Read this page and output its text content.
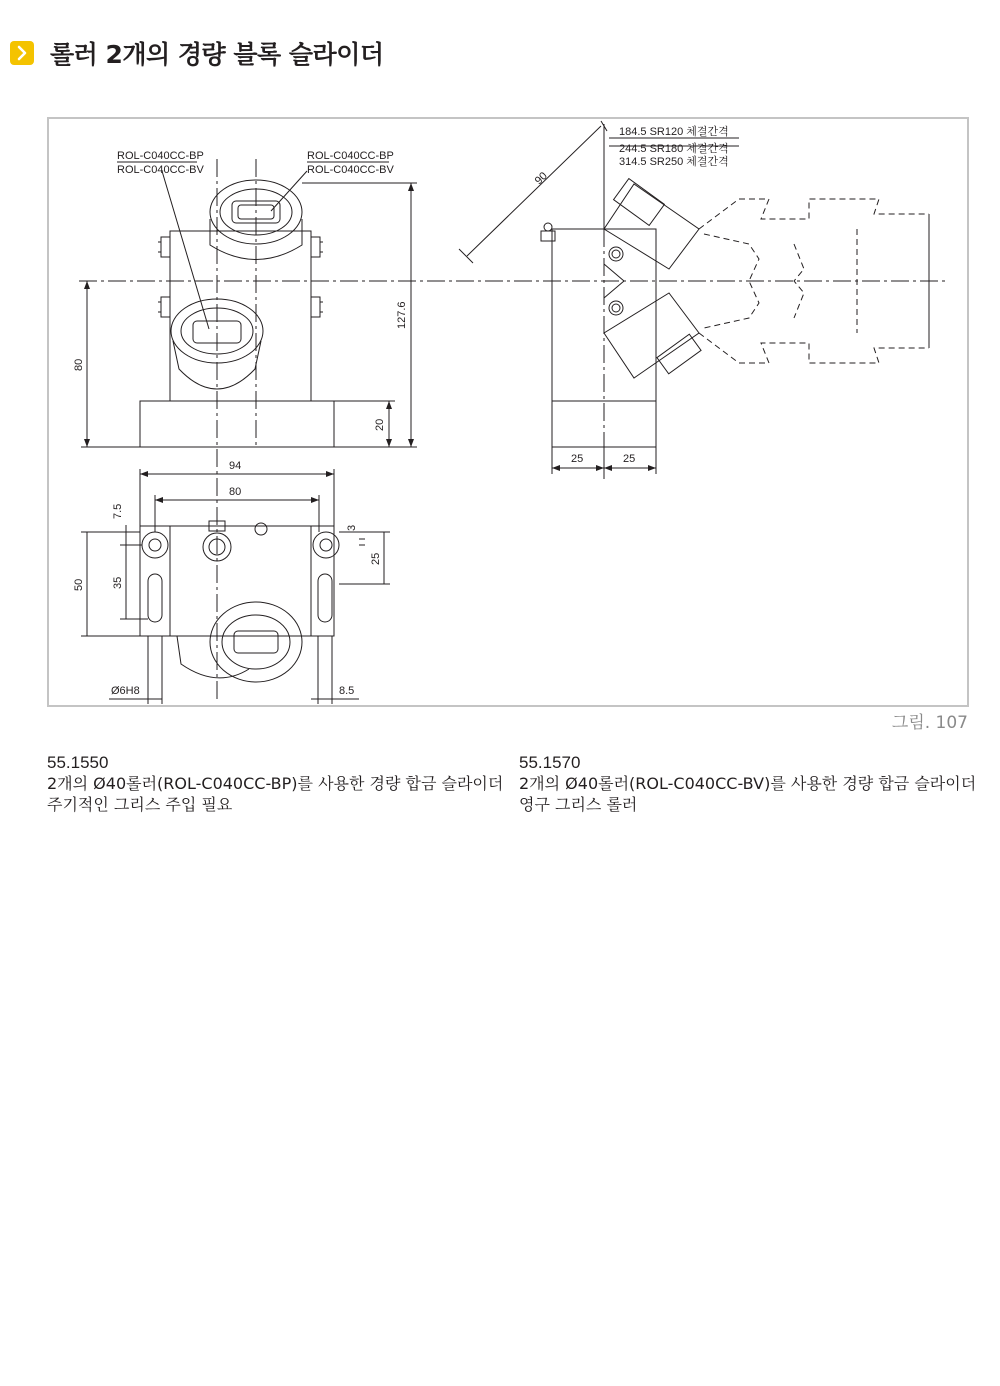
롤러 2개의 경량 블록 슬라이더
ROL-C040CC-BP
ROL-C040CC-BV
ROL-C040CC-BP
ROL-C040CC-BV
184.5 SR120 체결간격
244.5 SR180 체결간격
314.5 SR250 체결간격
90
127.6
80
20
94
80
25	25
7.5
3
25
50 35
Ø6H8	8.5
그림. 107
55.1550
2개의 Ø40롤러(ROL-C040CC-BP)를 사용한 경량 합금 슬라이더
주기적인 그리스 주입 필요
55.1570
2개의 Ø40롤러(ROL-C040CC-BV)를 사용한 경량 합금 슬라이더
영구 그리스 롤러
